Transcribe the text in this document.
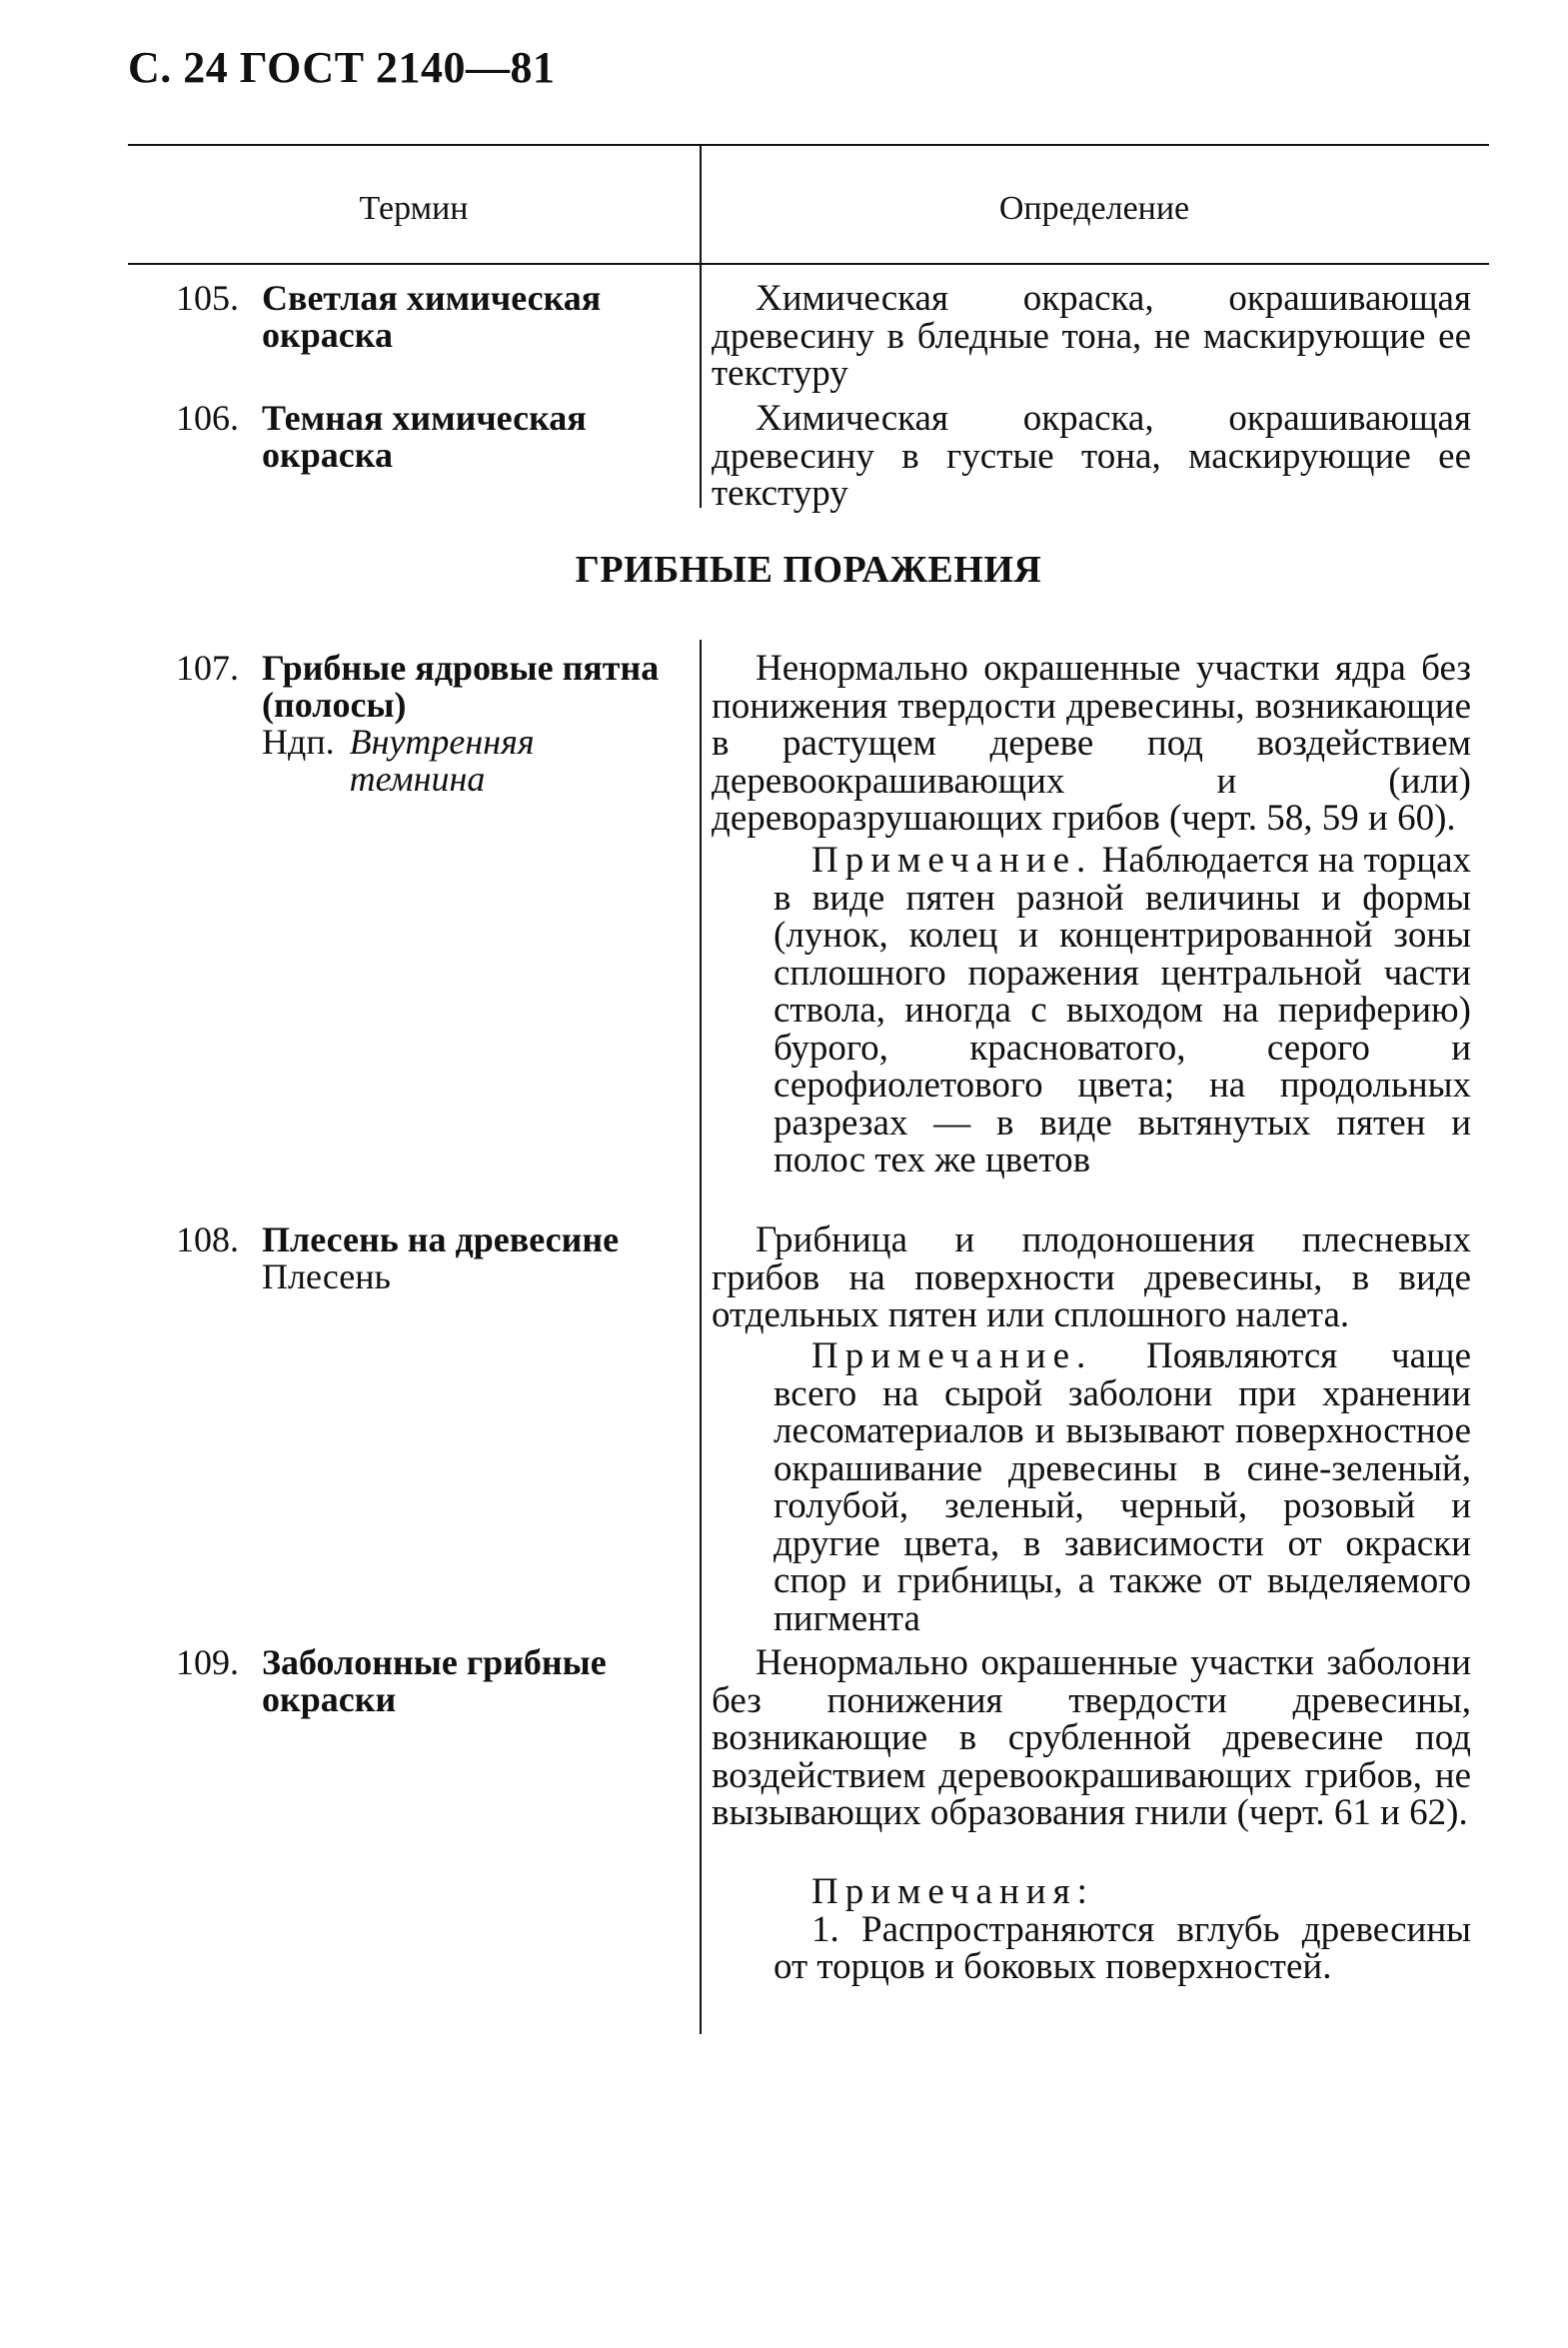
С. 24 ГОСТ 2140—81
Термин	Определение
105. Светлая химическая окраска
Химическая окраска, окрашивающая древесину в бледные тона, не маскирующие ее текстуру
106. Темная химическая окраска
Химическая окраска, окрашивающая древесину в густые тона, маскирующие ее текстуру
ГРИБНЫЕ ПОРАЖЕНИЯ
107. Грибные ядровые пятна (полосы)
Ндп. Внутренняя темнина
Ненормально окрашенные участки ядра без понижения твердости древесины, возникающие в растущем дереве под воздействием деревоокрашивающих и (или) дереворазрушающих грибов (черт. 58, 59 и 60).

Примечание. Наблюдается на торцах в виде пятен разной величины и формы (лунок, колец и концентрированной зоны сплошного поражения центральной части ствола, иногда с выходом на периферию) бурого, красноватого, серого и серофиолетового цвета; на продольных разрезах — в виде вытянутых пятен и полос тех же цветов

108. Плесень на древесине
Плесень
Грибница и плодоношения плесневых грибов на поверхности древесины, в виде отдельных пятен или сплошного налета.

Примечание. Появляются чаще всего на сырой заболони при хранении лесоматериалов и вызывают поверхностное окрашивание древесины в сине-зеленый, голубой, зеленый, черный, розовый и другие цвета, в зависимости от окраски спор и грибницы, а также от выделяемого пигмента

109. Заболонные грибные окраски
Ненормально окрашенные участки заболони без понижения твердости древесины, возникающие в срубленной древесине под воздействием деревоокрашивающих грибов, не вызывающих образования гнили (черт. 61 и 62).

Примечания:

1. Распространяются вглубь древесины от торцов и боковых поверхностей.
